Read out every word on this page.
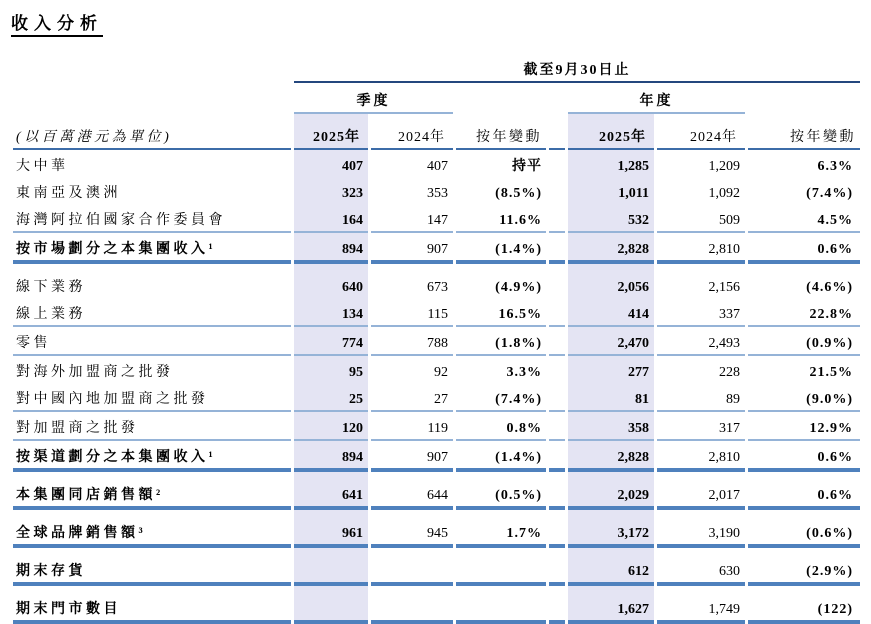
收入分析
	截至9月30日止						
	季度				年度		
(以百萬港元為單位)	2025年	2024年	按年變動		2025年	2024年	按年變動
大中華	407	407	持平		1,285	1,209	6.3%
東南亞及澳洲	323	353	(8.5%)		1,011	1,092	(7.4%)
海灣阿拉伯國家合作委員會	164	147	11.6%		532	509	4.5%
按市場劃分之本集團收入¹	894	907	(1.4%)		2,828	2,810	0.6%
線下業務	640	673	(4.9%)		2,056	2,156	(4.6%)
線上業務	134	115	16.5%		414	337	22.8%
零售	774	788	(1.8%)		2,470	2,493	(0.9%)
對海外加盟商之批發	95	92	3.3%		277	228	21.5%
對中國內地加盟商之批發	25	27	(7.4%)		81	89	(9.0%)
對加盟商之批發	120	119	0.8%		358	317	12.9%
按渠道劃分之本集團收入¹	894	907	(1.4%)		2,828	2,810	0.6%
本集團同店銷售額²	641	644	(0.5%)		2,029	2,017	0.6%
全球品牌銷售額³	961	945	1.7%		3,172	3,190	(0.6%)
期末存貨					612	630	(2.9%)
期末門市數目					1,627	1,749	(122)
